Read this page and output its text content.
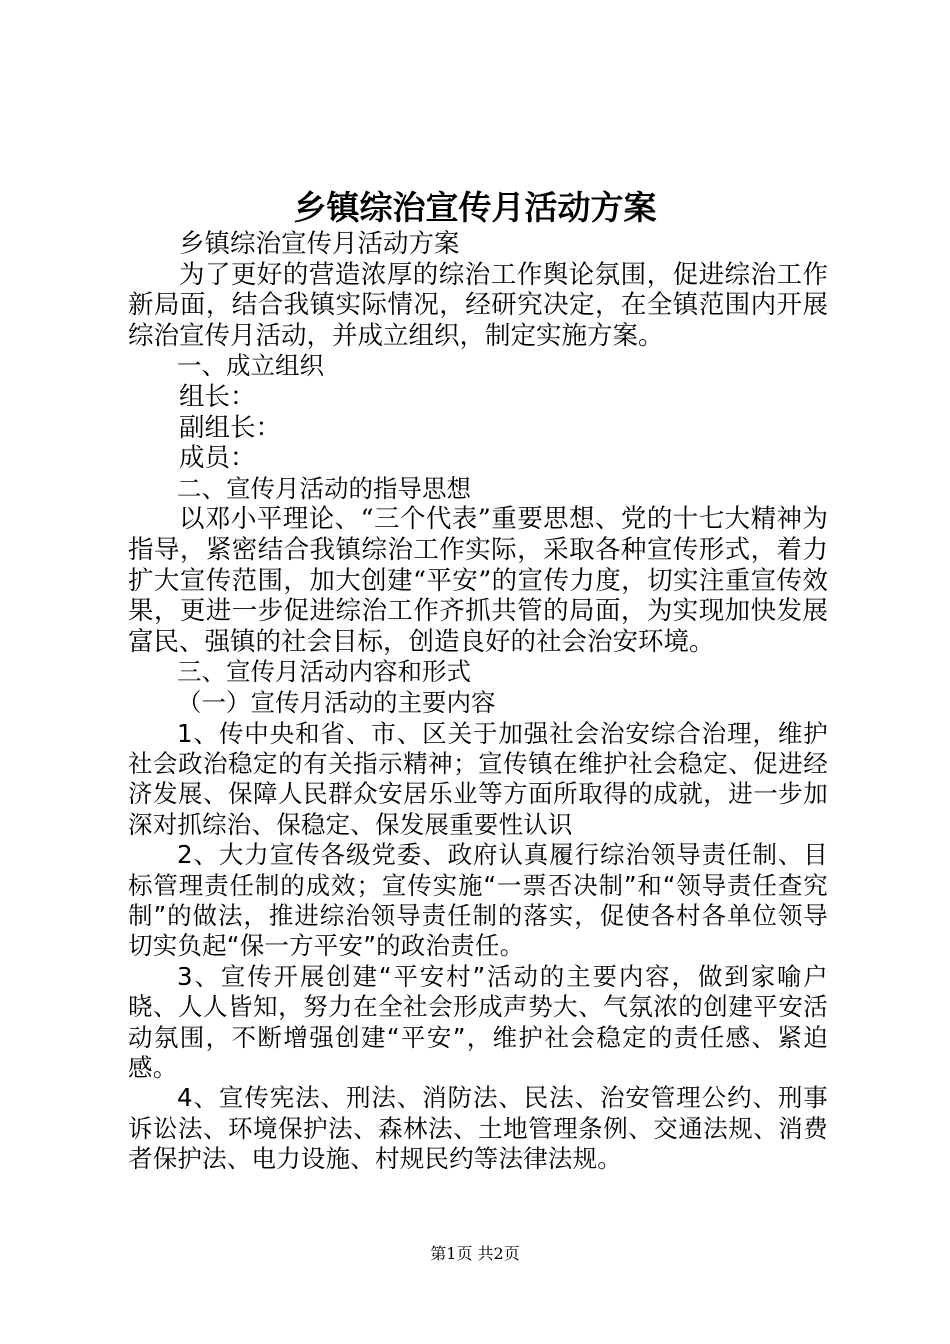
乡镇综治宣传月活动方案

乡镇综治宣传月活动方案

为了更好的营造浓厚的综治工作舆论氛围，促进综治工作新局面，结合我镇实际情况，经研究决定，在全镇范围内开展综治宣传月活动，并成立组织，制定实施方案。

一、成立组织

组长：

副组长：

成员：

二、宣传月活动的指导思想

以邓小平理论、“三个代表”重要思想、党的十七大精神为指导，紧密结合我镇综治工作实际，采取各种宣传形式，着力扩大宣传范围，加大创建“平安”的宣传力度，切实注重宣传效果，更进一步促进综治工作齐抓共管的局面，为实现加快发展富民、强镇的社会目标，创造良好的社会治安环境。

三、宣传月活动内容和形式

（一）宣传月活动的主要内容

1、传中央和省、市、区关于加强社会治安综合治理，维护社会政治稳定的有关指示精神；宣传镇在维护社会稳定、促进经济发展、保障人民群众安居乐业等方面所取得的成就，进一步加深对抓综治、保稳定、保发展重要性认识

2、大力宣传各级党委、政府认真履行综治领导责任制、目标管理责任制的成效；宣传实施“一票否决制”和“领导责任查究制”的做法，推进综治领导责任制的落实，促使各村各单位领导切实负起“保一方平安”的政治责任。

3、宣传开展创建“平安村”活动的主要内容，做到家喻户晓、人人皆知，努力在全社会形成声势大、气氛浓的创建平安活动氛围，不断增强创建“平安”，维护社会稳定的责任感、紧迫感。

4、宣传宪法、刑法、消防法、民法、治安管理公约、刑事诉讼法、环境保护法、森林法、土地管理条例、交通法规、消费者保护法、电力设施、村规民约等法律法规。

第1页 共2页
